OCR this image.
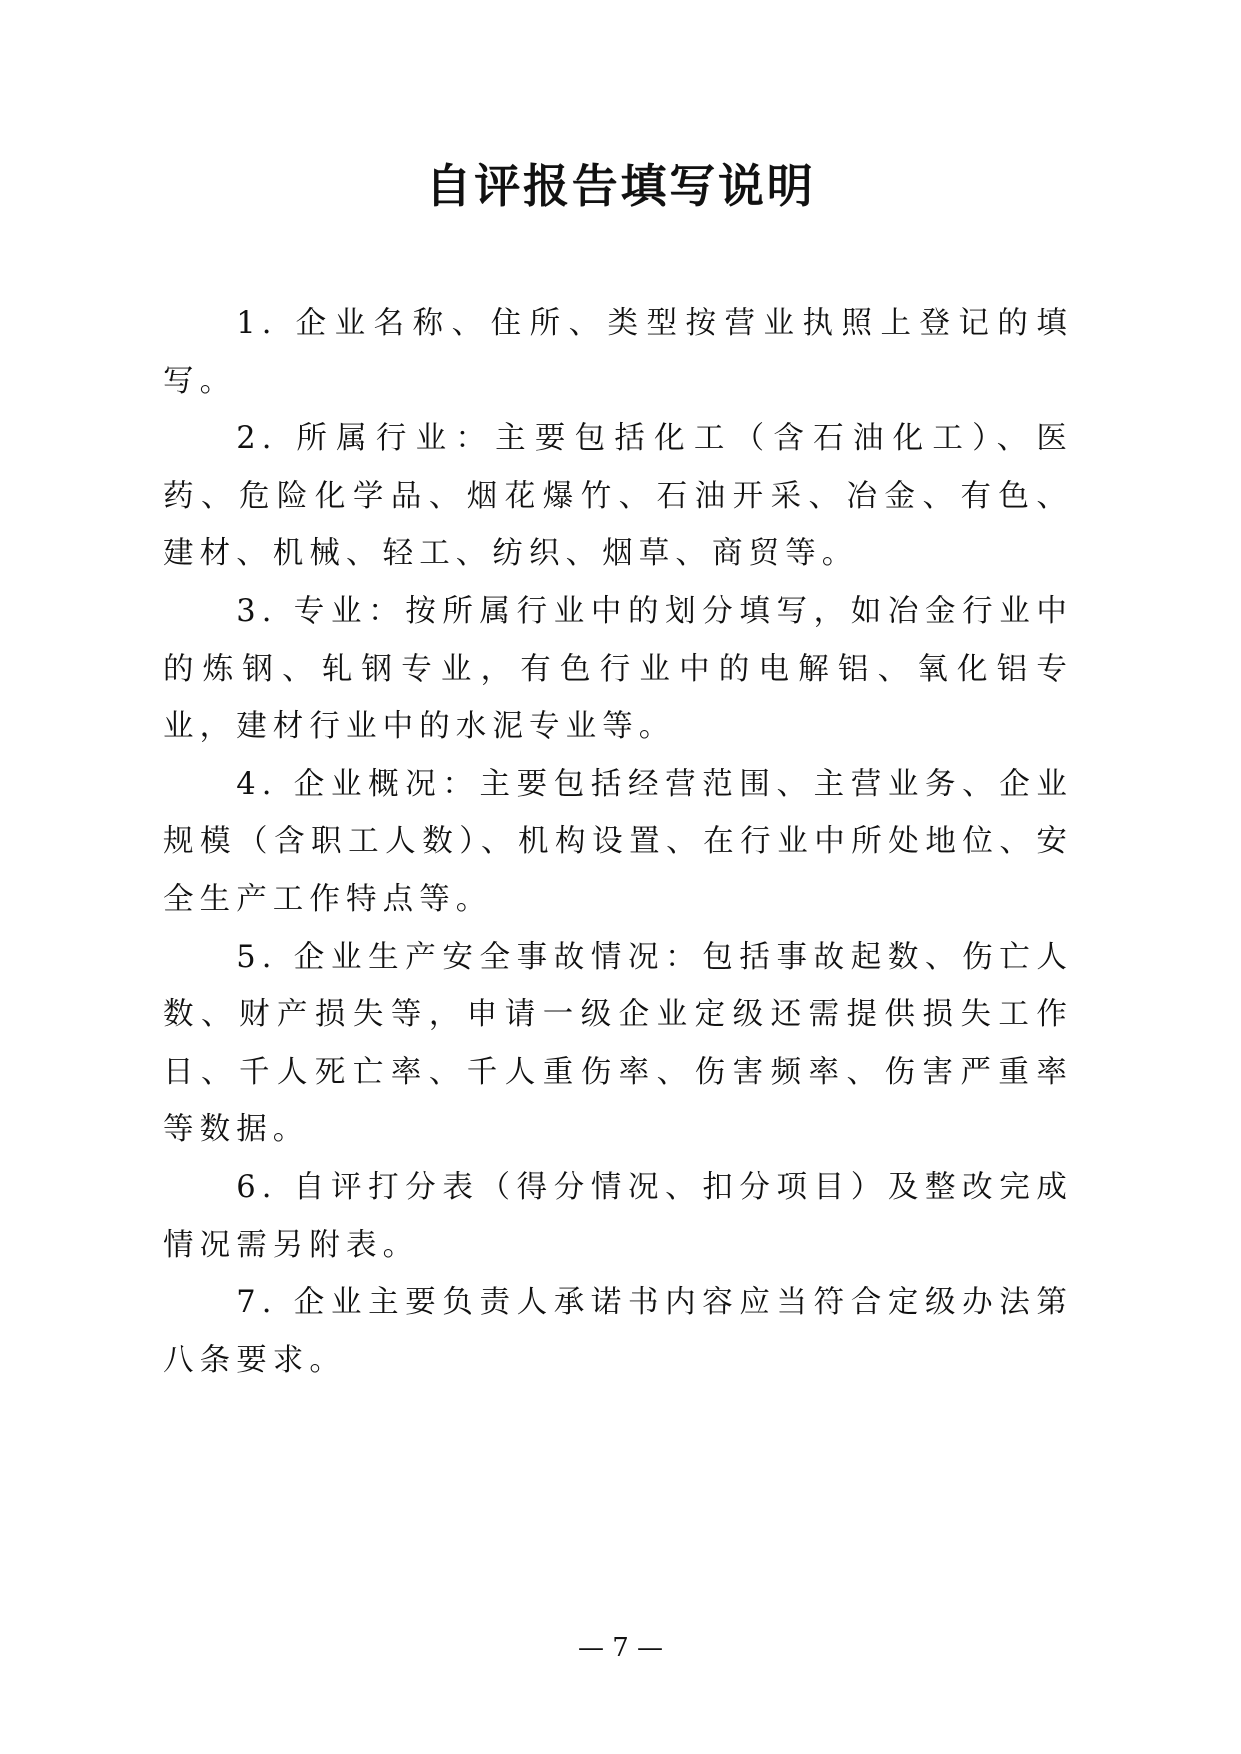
自评报告填写说明

1. 企业名称、住所、类型按营业执照上登记的填写。

2. 所属行业：主要包括化工（含石油化工）、医药、危险化学品、烟花爆竹、石油开采、冶金、有色、建材、机械、轻工、纺织、烟草、商贸等。

3. 专业：按所属行业中的划分填写，如冶金行业中的炼钢、轧钢专业，有色行业中的电解铝、氧化铝专业，建材行业中的水泥专业等。

4. 企业概况：主要包括经营范围、主营业务、企业规模（含职工人数）、机构设置、在行业中所处地位、安全生产工作特点等。

5. 企业生产安全事故情况：包括事故起数、伤亡人数、财产损失等，申请一级企业定级还需提供损失工作日、千人死亡率、千人重伤率、伤害频率、伤害严重率等数据。

6. 自评打分表（得分情况、扣分项目）及整改完成情况需另附表。

7. 企业主要负责人承诺书内容应当符合定级办法第八条要求。

— 7 —
